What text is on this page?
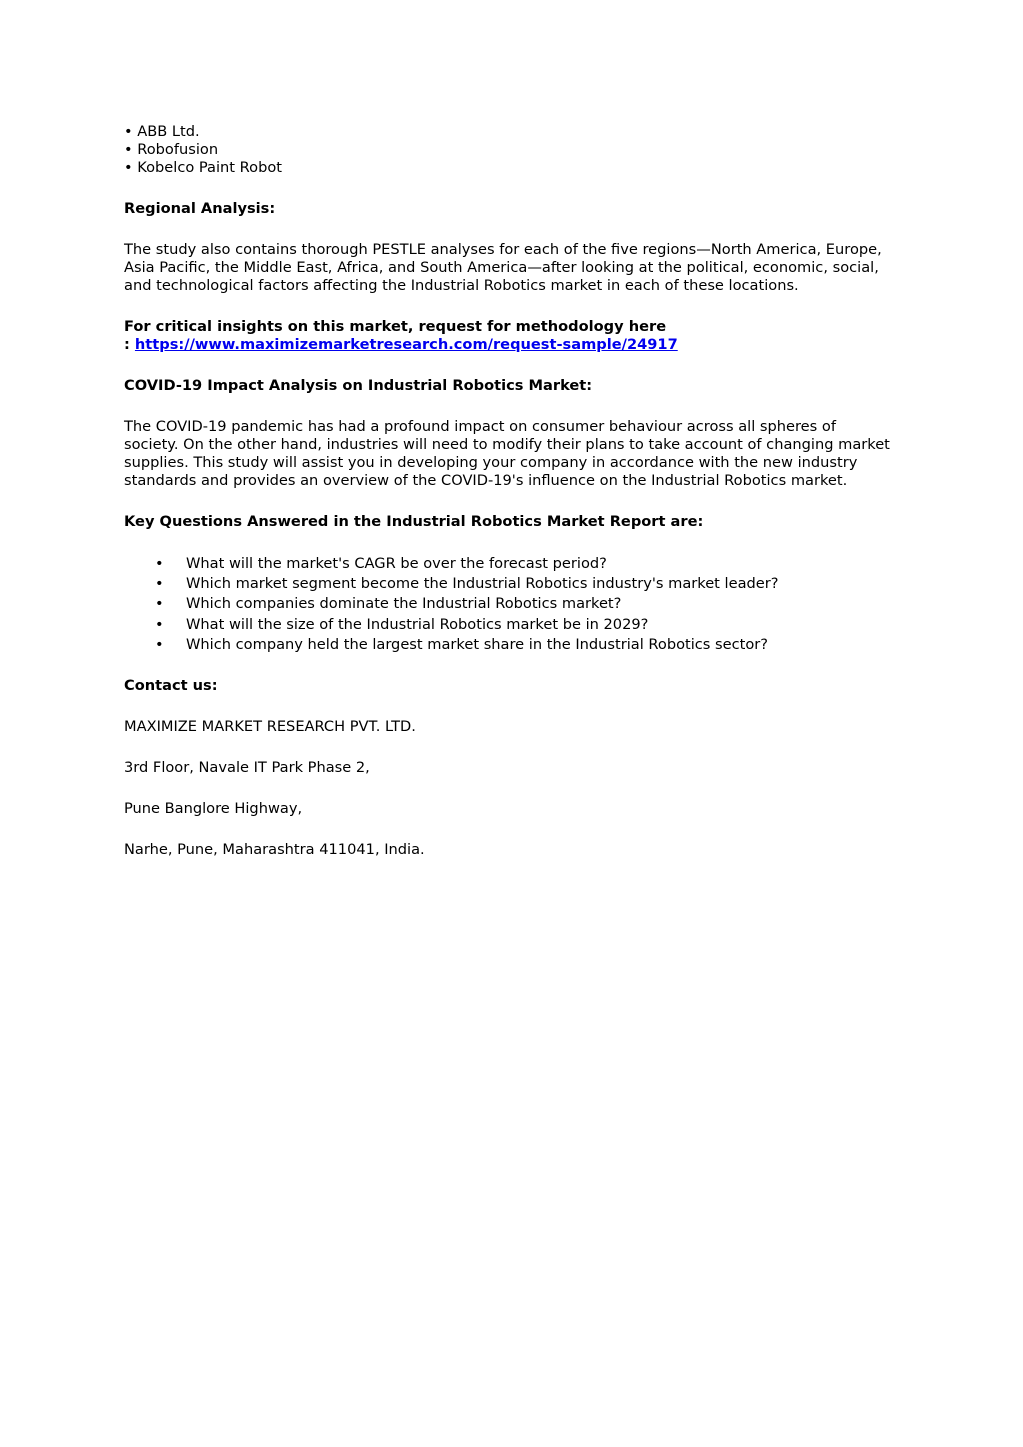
• ABB Ltd.
• Robofusion
• Kobelco Paint Robot

Regional Analysis:

The study also contains thorough PESTLE analyses for each of the five regions—North America, Europe,
Asia Pacific, the Middle East, Africa, and South America—after looking at the political, economic, social,
and technological factors affecting the Industrial Robotics market in each of these locations.

For critical insights on this market, request for methodology here
: https://www.maximizemarketresearch.com/request-sample/24917

COVID-19 Impact Analysis on Industrial Robotics Market:

The COVID-19 pandemic has had a profound impact on consumer behaviour across all spheres of
society. On the other hand, industries will need to modify their plans to take account of changing market
supplies. This study will assist you in developing your company in accordance with the new industry
standards and provides an overview of the COVID-19's influence on the Industrial Robotics market.

Key Questions Answered in the Industrial Robotics Market Report are:

• What will the market's CAGR be over the forecast period?
• Which market segment become the Industrial Robotics industry's market leader?
• Which companies dominate the Industrial Robotics market?
• What will the size of the Industrial Robotics market be in 2029?
• Which company held the largest market share in the Industrial Robotics sector?

Contact us:

MAXIMIZE MARKET RESEARCH PVT. LTD.

3rd Floor, Navale IT Park Phase 2,

Pune Banglore Highway,

Narhe, Pune, Maharashtra 411041, India.
